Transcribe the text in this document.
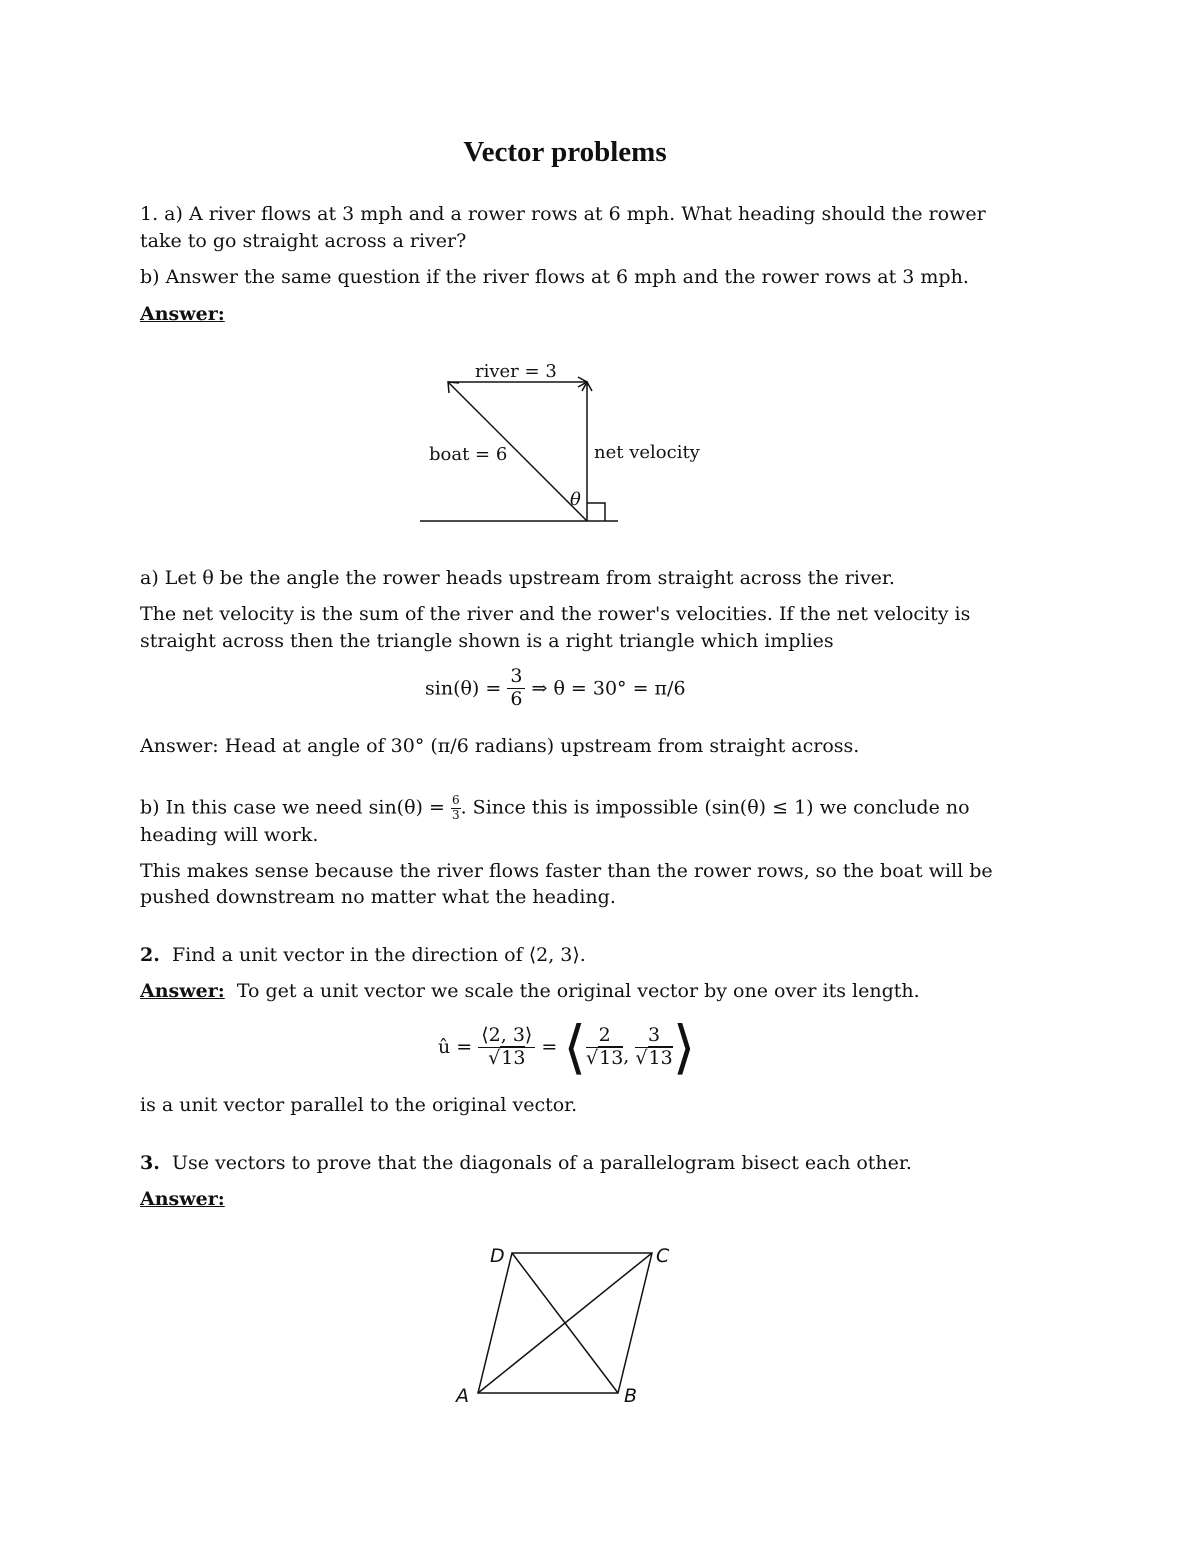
Vector problems
1. a) A river flows at 3 mph and a rower rows at 6 mph. What heading should the rower
take to go straight across a river?
b) Answer the same question if the river flows at 6 mph and the rower rows at 3 mph.
Answer:
river = 3
boat = 6	net velocity
θ
a) Let θ be the angle the rower heads upstream from straight across the river.
The net velocity is the sum of the river and the rower's velocities. If the net velocity is
straight across then the triangle shown is a right triangle which implies
$\sin(\theta) = \frac{3}{6}$ ⇒ θ = 30° = π/6
Answer: Head at angle of 30° (π/6 radians) upstream from straight across.
b) In this case we need $\sin(\theta) = \frac{6}{3}$ . Since this is impossible (sin(θ) ≤ 1) we conclude no
heading will work.
This makes sense because the river flows faster than the rower rows, so the boat will be
pushed downstream no matter what the heading.
2. Find a unit vector in the direction of ⟨2, 3⟩.
Answer: To get a unit vector we scale the original vector by one over its length.
û = $\frac{⟨2, 3⟩}{√13}$ = ⟨ $\frac{2}{√13}$ , $\frac{3}{√13}$ ⟩
is a unit vector parallel to the original vector.
3. Use vectors to prove that the diagonals of a parallelogram bisect each other.
Answer:
A	B
C
D
